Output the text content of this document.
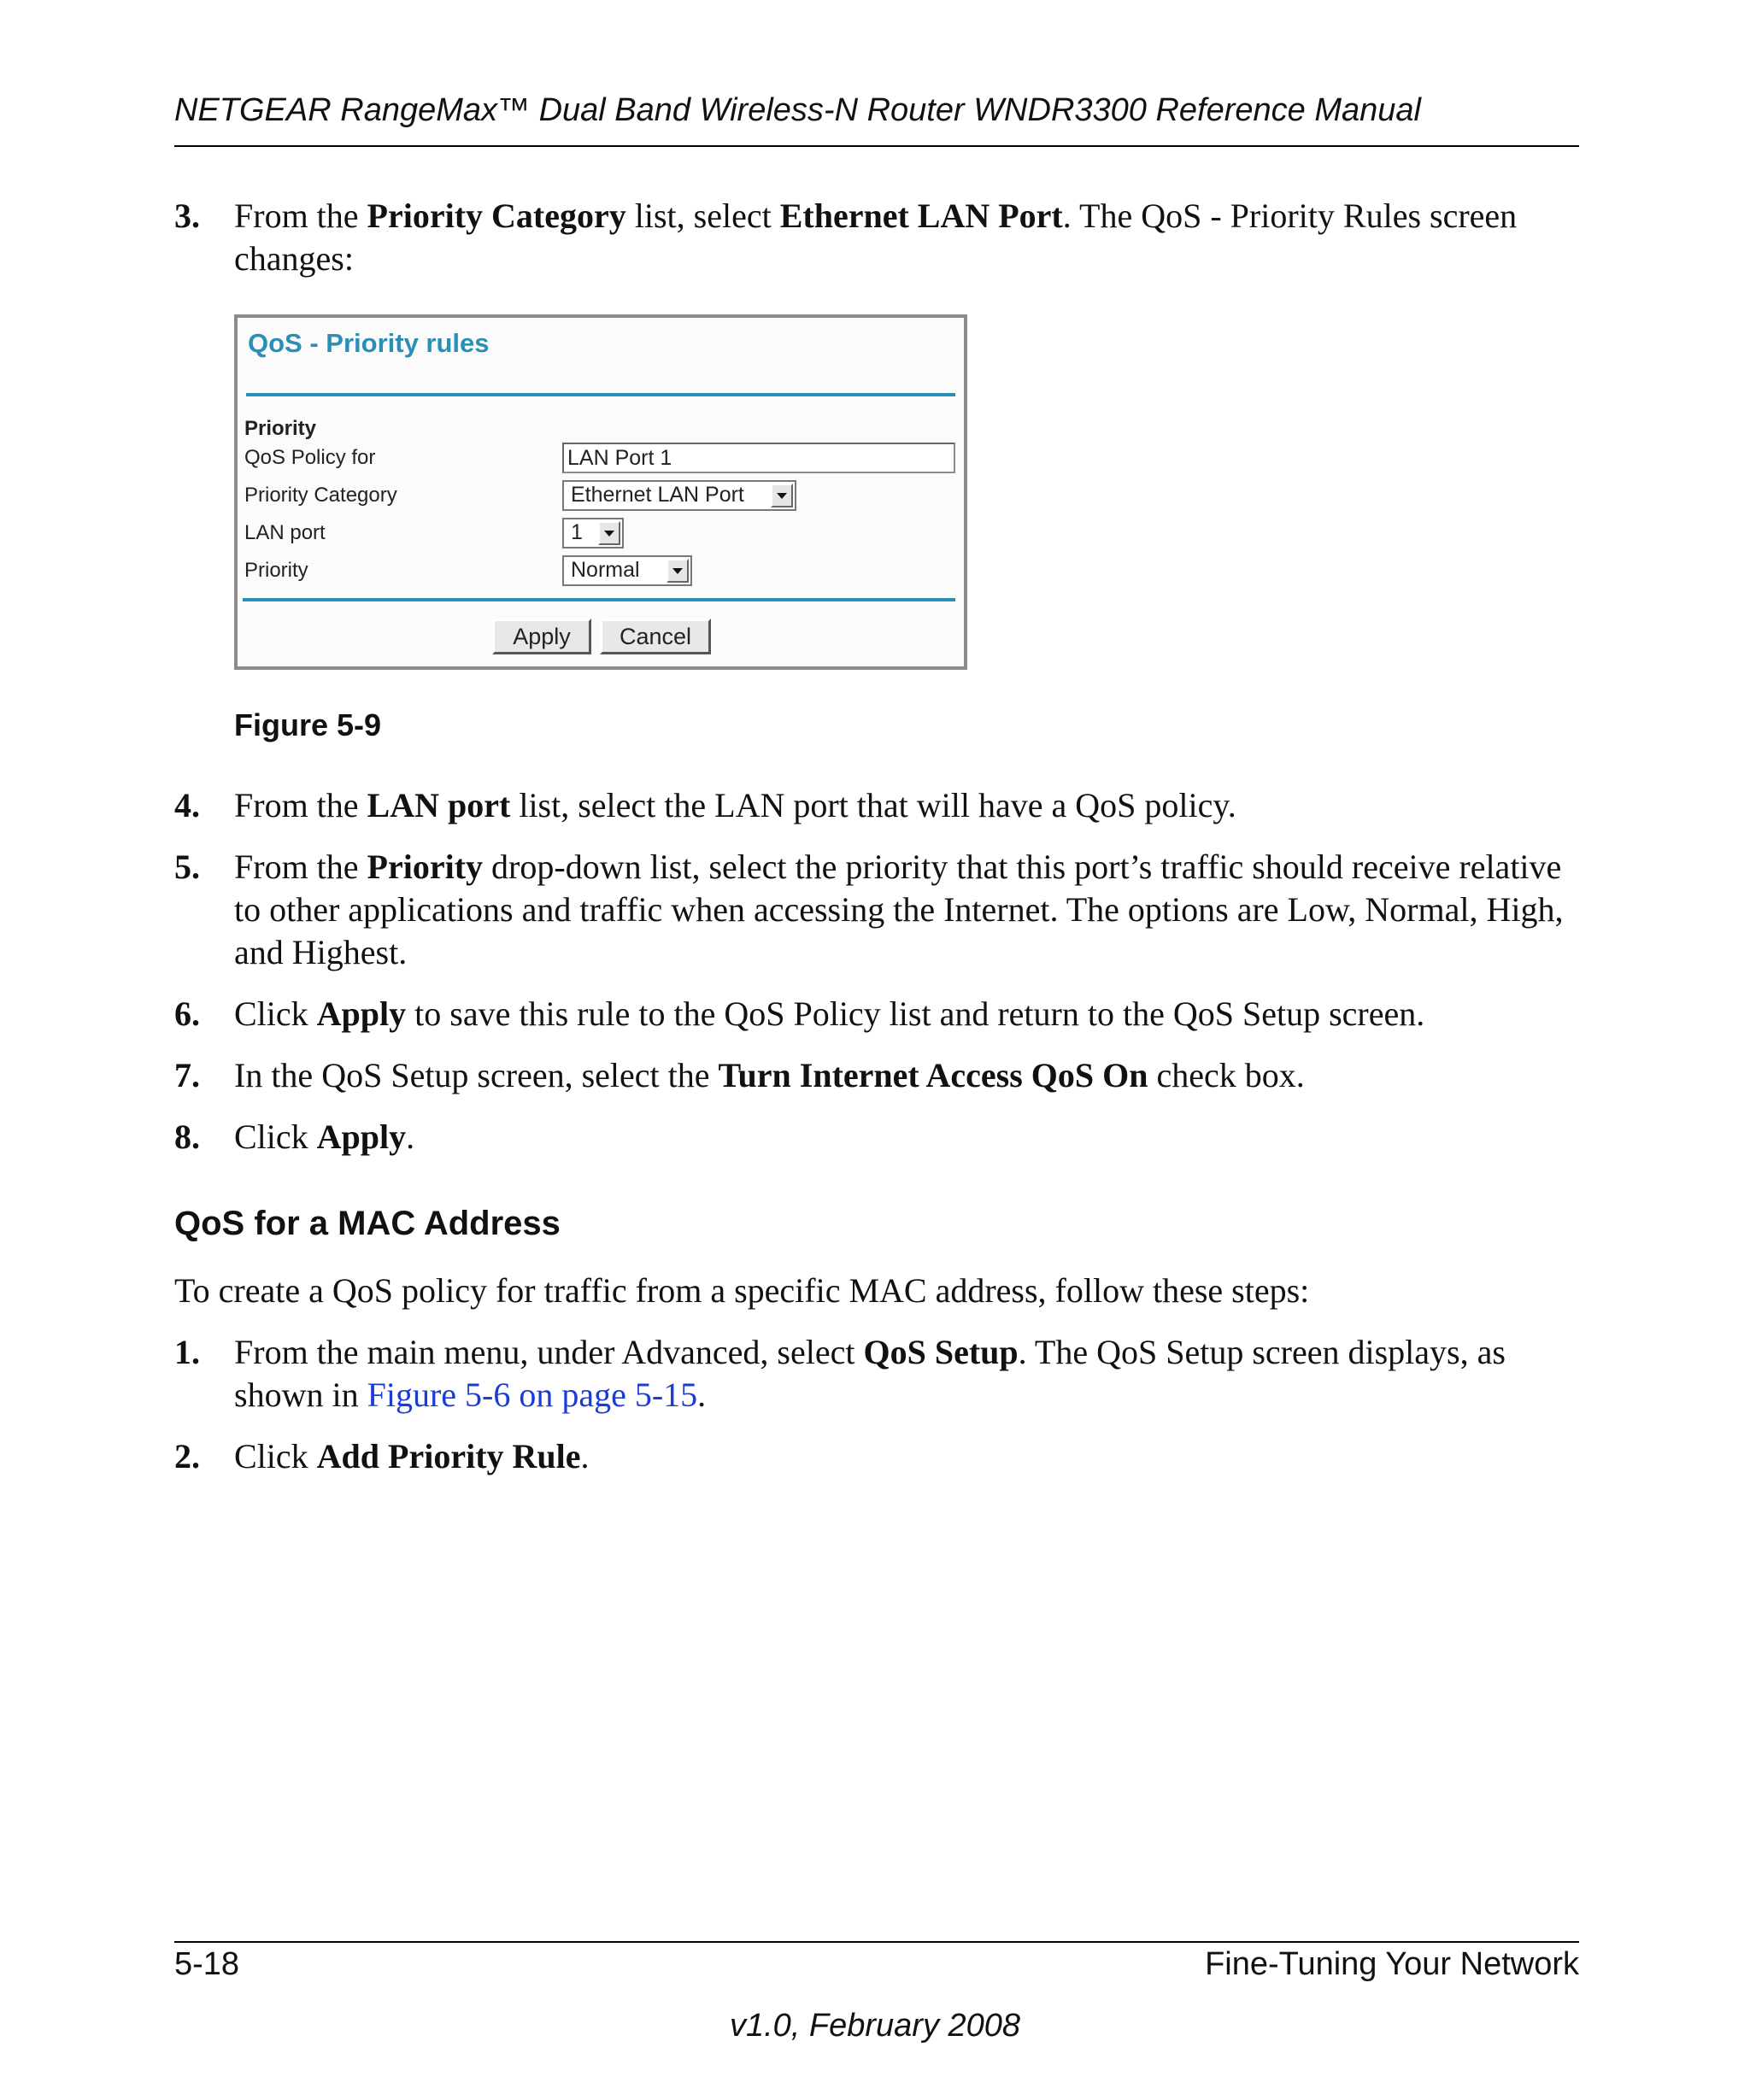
NETGEAR RangeMax™ Dual Band Wireless-N Router WNDR3300 Reference Manual
3. From the Priority Category list, select Ethernet LAN Port. The QoS - Priority Rules screen changes:
QoS - Priority rules
Priority
QoS Policy for
Priority Category
LAN port
Priority
LAN Port 1
Ethernet LAN Port
1
Normal
Apply	Cancel
Figure 5-9
4. From the LAN port list, select the LAN port that will have a QoS policy.
5. From the Priority drop-down list, select the priority that this port’s traffic should receive relative to other applications and traffic when accessing the Internet. The options are Low, Normal, High, and Highest.
6. Click Apply to save this rule to the QoS Policy list and return to the QoS Setup screen.
7. In the QoS Setup screen, select the Turn Internet Access QoS On check box.
8. Click Apply.
QoS for a MAC Address
To create a QoS policy for traffic from a specific MAC address, follow these steps:
1. From the main menu, under Advanced, select QoS Setup. The QoS Setup screen displays, as shown in Figure 5-6 on page 5-15.
2. Click Add Priority Rule.
5-18	Fine-Tuning Your Network
v1.0, February 2008
